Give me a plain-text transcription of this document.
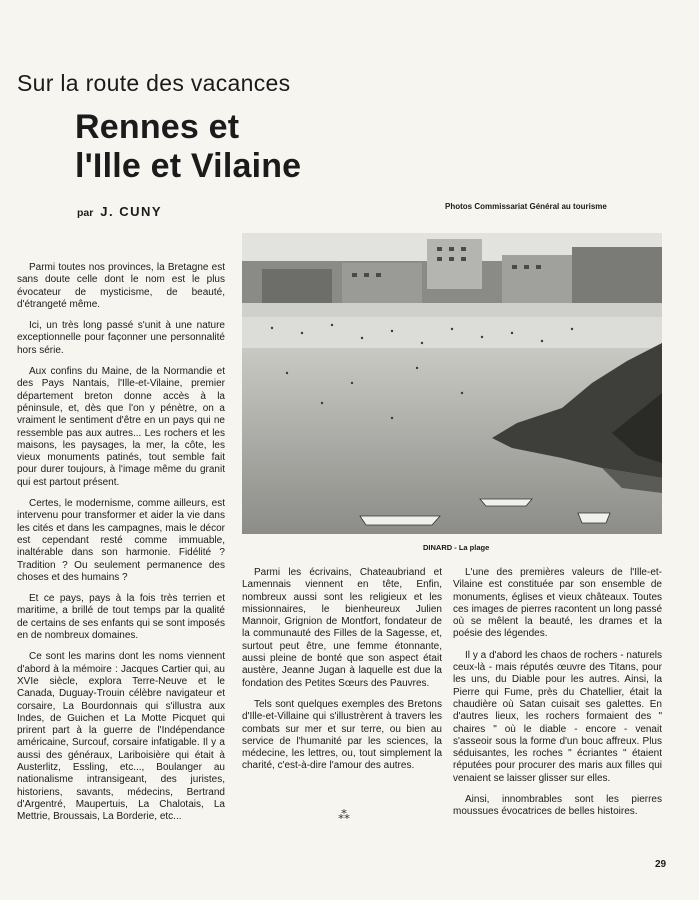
Sur la route des vacances
Rennes et
l'Ille et Vilaine
par J. CUNY	Photos Commissariat Général au tourisme
DINARD - La plage

Parmi toutes nos provinces, la Bretagne est sans doute celle dont le nom est le plus évocateur de mysticisme, de beauté, d'étrangeté même.

Ici, un très long passé s'unit à une nature exceptionnelle pour façonner une personnalité hors série.

Aux confins du Maine, de la Normandie et des Pays Nantais, l'Ille-et-Vilaine, premier département breton donne accès à la péninsule, et, dès que l'on y pénètre, on a vraiment le sentiment d'être en un pays qui ne ressemble pas aux autres... Les rochers et les maisons, les paysages, la mer, la côte, les vieux monuments patinés, tout semble fait pour durer toujours, à l'image même du granit qui est partout présent.

Certes, le modernisme, comme ailleurs, est intervenu pour transformer et aider la vie dans les cités et dans les campagnes, mais le décor est cependant resté comme immuable, inaltérable dans son harmonie. Fidélité ? Tradition ? Ou seulement permanence des choses et des humains ?

Et ce pays, pays à la fois très terrien et maritime, a brillé de tout temps par la qualité de certains de ses enfants qui se sont imposés en de nombreux domaines.

Ce sont les marins dont les noms viennent d'abord à la mémoire : Jacques Cartier qui, au XVIe siècle, explora Terre-Neuve et le Canada, Duguay-Trouin célèbre navigateur et corsaire, La Bourdonnais qui s'illustra aux Indes, de Guichen et La Motte Picquet qui prirent part à la guerre de l'Indépendance américaine, Surcouf, corsaire infatigable. Il y a aussi des généraux, Lariboisière qui était à Austerlitz, Essling, etc..., Boulanger au nationalisme intransigeant, des juristes, historiens, savants, médecins, Bertrand d'Argentré, Maupertuis, La Chalotais, La Mettrie, Broussais, La Borderie, etc...

Parmi les écrivains, Chateaubriand et Lamennais viennent en tête, Enfin, nombreux aussi sont les religieux et les missionnaires, le bienheureux Julien Mannoir, Grignion de Montfort, fondateur de la communauté des Filles de la Sagesse, et, surtout peut être, une femme étonnante, aussi pleine de bonté que son aspect était austère, Jeanne Jugan à laquelle est due la fondation des Petites Sœurs des Pauvres.

Tels sont quelques exemples des Bretons d'Ille-et-Villaine qui s'illustrèrent à travers les combats sur mer et sur terre, ou bien au service de l'humanité par les sciences, la médecine, les lettres, ou, tout simplement la charité, c'est-à-dire l'amour des autres.

⁂

L'une des premières valeurs de l'Ille-et-Vilaine est constituée par son ensemble de monuments, églises et vieux châteaux. Toutes ces images de pierres racontent un long passé où se mêlent la beauté, les drames et la poésie des légendes.

Il y a d'abord les chaos de rochers - naturels ceux-là - mais réputés œuvre des Titans, pour les uns, du Diable pour les autres. Ainsi, la Pierre qui Fume, près du Chatellier, était la chaudière où Satan cuisait ses galettes. En d'autres lieux, les rochers formaient des " chaires " où le diable - encore - venait s'asseoir sous la forme d'un bouc affreux. Plus séduisantes, les roches " écriantes " étaient réputées pour procurer des maris aux filles qui venaient se laisser glisser sur elles.

Ainsi, innombrables sont les pierres moussues évocatrices de belles histoires.

29
